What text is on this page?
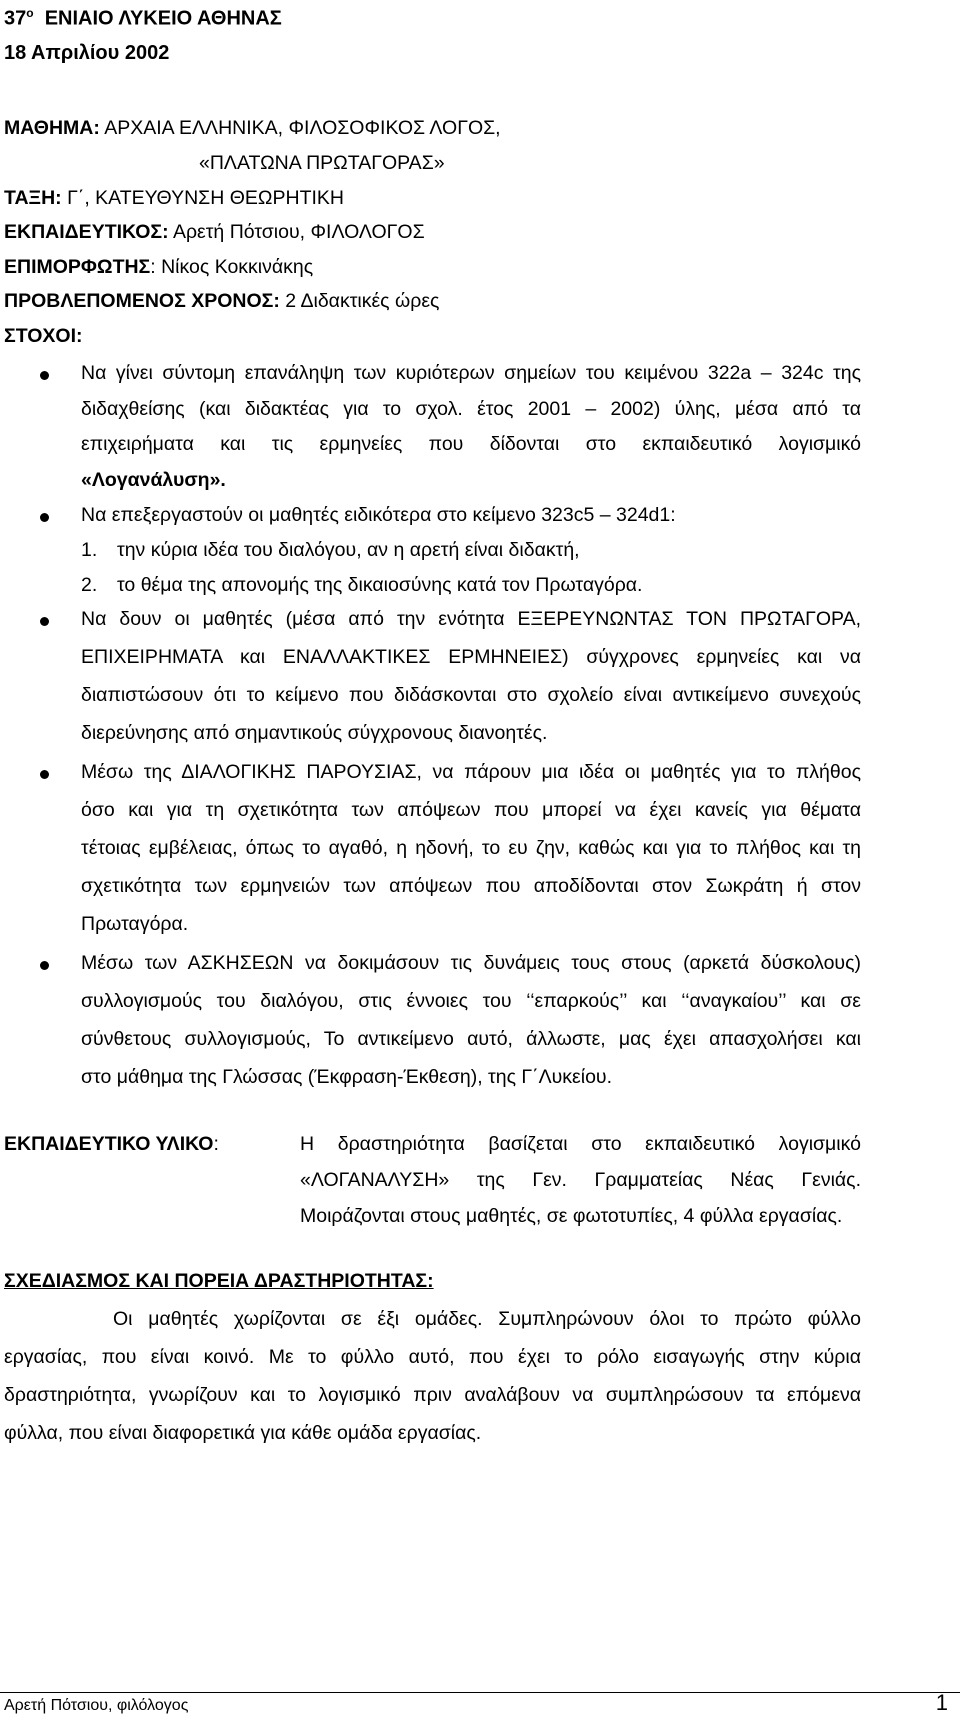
$37^o$ ΕΝΙΑΙΟ ΛΥΚΕΙΟ ΑΘΗΝΑΣ
18 Απριλίου 2002
ΜΑΘΗΜΑ: ΑΡΧΑΙΑ ΕΛΛΗΝΙΚΑ, ΦΙΛΟΣΟΦΙΚΟΣ ΛΟΓΟΣ,
«ΠΛΑΤΩΝΑ ΠΡΩΤΑΓΟΡΑΣ»
ΤΑΞΗ: Γ΄, ΚΑΤΕΥΘΥΝΣΗ ΘΕΩΡΗΤΙΚΗ
ΕΚΠΑΙΔΕΥΤΙΚΟΣ: Αρετή Πότσιου, ΦΙΛΟΛΟΓΟΣ
ΕΠΙΜΟΡΦΩΤΗΣ: Νίκος Κοκκινάκης
ΠΡΟΒΛΕΠΟΜΕΝΟΣ ΧΡΟΝΟΣ: 2 Διδακτικές ώρες
ΣΤΟΧΟΙ:
Να γίνει σύντομη επανάληψη των κυριότερων σημείων του κειμένου 322a – 324c της
διδαχθείσης (και διδακτέας για το σχολ. έτος 2001 – 2002) ύλης, μέσα από τα
επιχειρήματα και τις ερμηνείες που δίδονται στο εκπαιδευτικό λογισμικό
«Λογανάλυση».
Να επεξεργαστούν οι μαθητές ειδικότερα στο κείμενο 323c5 – 324d1:
1. την κύρια ιδέα του διαλόγου, αν η αρετή είναι διδακτή,
2. το θέμα της απονομής της δικαιοσύνης κατά τον Πρωταγόρα.
Να δουν οι μαθητές (μέσα από την ενότητα ΕΞΕΡΕΥΝΩΝΤΑΣ ΤΟΝ ΠΡΩΤΑΓΟΡΑ,
ΕΠΙΧΕΙΡΗΜΑΤΑ και ΕΝΑΛΛΑΚΤΙΚΕΣ ΕΡΜΗΝΕΙΕΣ) σύγχρονες ερμηνείες και να
διαπιστώσουν ότι το κείμενο που διδάσκονται στο σχολείο είναι αντικείμενο συνεχούς
διερεύνησης από σημαντικούς σύγχρονους διανοητές.
Μέσω της ΔΙΑΛΟΓΙΚΗΣ ΠΑΡΟΥΣΙΑΣ, να πάρουν μια ιδέα οι μαθητές για το πλήθος
όσο και για τη σχετικότητα των απόψεων που μπορεί να έχει κανείς για θέματα
τέτοιας εμβέλειας, όπως το αγαθό, η ηδονή, το ευ ζην, καθώς και για το πλήθος και τη
σχετικότητα των ερμηνειών των απόψεων που αποδίδονται στον Σωκράτη ή στον
Πρωταγόρα.
Μέσω των ΑΣΚΗΣΕΩΝ να δοκιμάσουν τις δυνάμεις τους στους (αρκετά δύσκολους)
συλλογισμούς του διαλόγου, στις έννοιες του ‘‘επαρκούς’’ και ‘‘αναγκαίου’’ και σε
σύνθετους συλλογισμούς, Το αντικείμενο αυτό, άλλωστε, μας έχει απασχολήσει και
στο μάθημα της Γλώσσας (Έκφραση-Έκθεση), της Γ΄Λυκείου.
ΕΚΠΑΙΔΕΥΤΙΚΟ ΥΛΙΚΟ:	Η δραστηριότητα βασίζεται στο εκπαιδευτικό λογισμικό
«ΛΟΓΑΝΑΛΥΣΗ» της Γεν. Γραμματείας Νέας Γενιάς.
Μοιράζονται στους μαθητές, σε φωτοτυπίες, 4 φύλλα εργασίας.
ΣΧΕΔΙΑΣΜΟΣ ΚΑΙ ΠΟΡΕΙΑ ΔΡΑΣΤΗΡΙΟΤΗΤΑΣ:
Οι μαθητές χωρίζονται σε έξι ομάδες. Συμπληρώνουν όλοι το πρώτο φύλλο
εργασίας, που είναι κοινό. Με το φύλλο αυτό, που έχει το ρόλο εισαγωγής στην κύρια
δραστηριότητα, γνωρίζουν και το λογισμικό πριν αναλάβουν να συμπληρώσουν τα επόμενα
φύλλα, που είναι διαφορετικά για κάθε ομάδα εργασίας.
Αρετή Πότσιου, φιλόλογος	1
